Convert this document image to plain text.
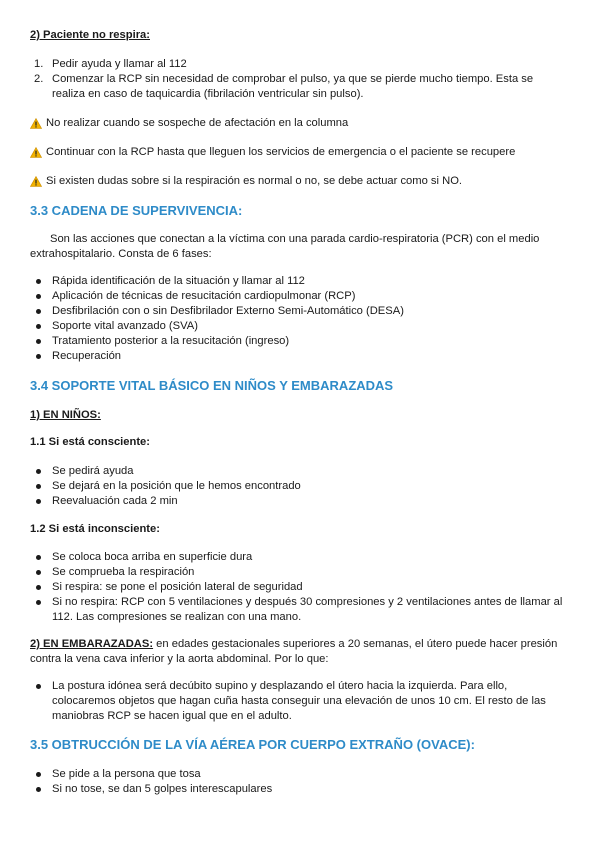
2) Paciente no respira:
1. Pedir ayuda y llamar al 112
2. Comenzar la RCP sin necesidad de comprobar el pulso, ya que se pierde mucho tiempo. Esta se realiza en caso de taquicardia (fibrilación ventricular sin pulso).
No realizar cuando se sospeche de afectación en la columna
Continuar con la RCP hasta que lleguen los servicios de emergencia o el paciente se recupere
Si existen dudas sobre si la respiración es normal o no, se debe actuar como si NO.
3.3 CADENA DE SUPERVIVENCIA:

Son las acciones que conectan a la víctima con una parada cardio-respiratoria (PCR) con el medio extrahospitalario. Consta de 6 fases:

Rápida identificación de la situación y llamar al 112
Aplicación de técnicas de resucitación cardiopulmonar (RCP)
Desfibrilación con o sin Desfibrilador Externo Semi-Automático (DESA)
Soporte vital avanzado (SVA)
Tratamiento posterior a la resucitación (ingreso)
Recuperación
3.4 SOPORTE VITAL BÁSICO EN NIÑOS Y EMBARAZADAS
1) EN NIÑOS:
1.1 Si está consciente:
Se pedirá ayuda
Se dejará en la posición que le hemos encontrado
Reevaluación cada 2 min
1.2 Si está inconsciente:
Se coloca boca arriba en superficie dura
Se comprueba la respiración
Si respira: se pone el posición lateral de seguridad
Si no respira: RCP con 5 ventilaciones y después 30 compresiones y 2 ventilaciones antes de llamar al 112. Las compresiones se realizan con una mano.

2) EN EMBARAZADAS: en edades gestacionales superiores a 20 semanas, el útero puede hacer presión contra la vena cava inferior y la aorta abdominal. Por lo que:

La postura idónea será decúbito supino y desplazando el útero hacia la izquierda. Para ello, colocaremos objetos que hagan cuña hasta conseguir una elevación de unos 10 cm. El resto de las maniobras RCP se hacen igual que en el adulto.
3.5 OBTRUCCIÓN DE LA VÍA AÉREA POR CUERPO EXTRAÑO (OVACE):
Se pide a la persona que tosa
Si no tose, se dan 5 golpes interescapulares
